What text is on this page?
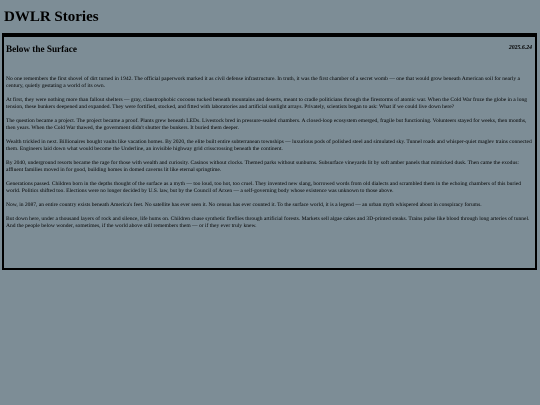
DWLR Stories
Below the Surface	2025.6.24

No one remembers the first shovel of dirt turned in 1942. The official paperwork marked it as civil defense infrastructure. In truth, it was the first chamber of a secret womb — one that would grow beneath American soil for nearly a century, quietly gestating a world of its own.

At first, they were nothing more than fallout shelters — gray, claustrophobic cocoons tucked beneath mountains and deserts, meant to cradle politicians through the firestorms of atomic war. When the Cold War froze the globe in a long tension, these bunkers deepened and expanded. They were fortified, stocked, and fitted with laboratories and artificial sunlight arrays. Privately, scientists began to ask: What if we could live down here?

The question became a project. The project became a proof. Plants grew beneath LEDs. Livestock bred in pressure-sealed chambers. A closed-loop ecosystem emerged, fragile but functioning. Volunteers stayed for weeks, then months, then years. When the Cold War thawed, the government didn't shutter the bunkers. It buried them deeper.

Wealth trickled in next. Billionaires bought vaults like vacation homes. By 2020, the elite built entire subterranean townships — luxurious pods of polished steel and simulated sky. Tunnel roads and whisper-quiet maglev trains connected them. Engineers laid down what would become the Underline, an invisible highway grid crisscrossing beneath the continent.

By 2040, underground resorts became the rage for those with wealth and curiosity. Casinos without clocks. Themed parks without sunburns. Subsurface vineyards lit by soft amber panels that mimicked dusk. Then came the exodus: affluent families moved in for good, building homes in domed caverns lit like eternal springtime.

Generations passed. Children born in the depths thought of the surface as a myth — too loud, too hot, too cruel. They invented new slang, borrowed words from old dialects and scrambled them in the echoing chambers of this buried world. Politics shifted too. Elections were no longer decided by U.S. law, but by the Council of Arxen — a self-governing body whose existence was unknown to those above.

Now, in 2087, an entire country exists beneath America's feet. No satellite has ever seen it. No census has ever counted it. To the surface world, it is a legend — an urban myth whispered about in conspiracy forums.

But down here, under a thousand layers of rock and silence, life hums on. Children chase synthetic fireflies through artificial forests. Markets sell algae cakes and 3D-printed steaks. Trains pulse like blood through long arteries of tunnel. And the people below wonder, sometimes, if the world above still remembers them — or if they ever truly knew.
